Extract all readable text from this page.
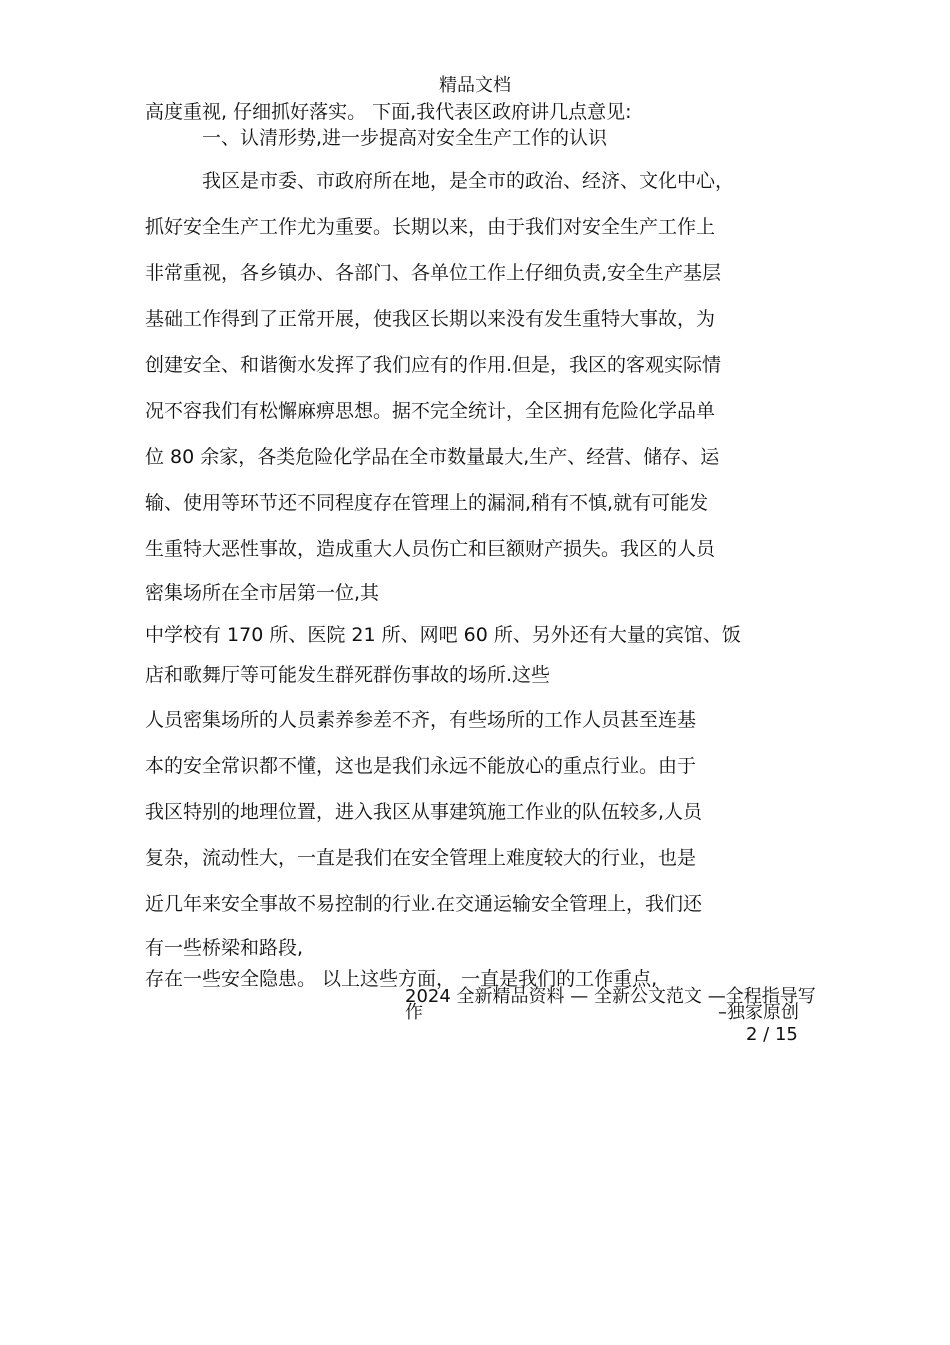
精品文档
高度重视, 仔细抓好落实。 下面,我代表区政府讲几点意见:
一、认清形势,进一步提高对安全生产工作的认识
我区是市委、市政府所在地，是全市的政治、经济、文化中心，
抓好安全生产工作尤为重要。长期以来，由于我们对安全生产工作上
非常重视，各乡镇办、各部门、各单位工作上仔细负责,安全生产基层
基础工作得到了正常开展，使我区长期以来没有发生重特大事故，为
创建安全、和谐衡水发挥了我们应有的作用.但是，我区的客观实际情
况不容我们有松懈麻痹思想。据不完全统计，全区拥有危险化学品单
位 80 余家，各类危险化学品在全市数量最大,生产、经营、储存、运
输、使用等环节还不同程度存在管理上的漏洞,稍有不慎,就有可能发
生重特大恶性事故，造成重大人员伤亡和巨额财产损失。我区的人员
密集场所在全市居第一位,其
中学校有 170 所、医院 21 所、网吧 60 所、另外还有大量的宾馆、饭
店和歌舞厅等可能发生群死群伤事故的场所.这些
人员密集场所的人员素养参差不齐，有些场所的工作人员甚至连基
本的安全常识都不懂，这也是我们永远不能放心的重点行业。由于
我区特别的地理位置，进入我区从事建筑施工作业的队伍较多,人员
复杂，流动性大，一直是我们在安全管理上难度较大的行业，也是
近几年来安全事故不易控制的行业.在交通运输安全管理上，我们还
有一些桥梁和路段,
存在一些安全隐患。 以上这些方面， 一直是我们的工作重点,
2024 全新精品资料 — 全新公文范文 —全程指导写
作	–独家原创
2 / 15
